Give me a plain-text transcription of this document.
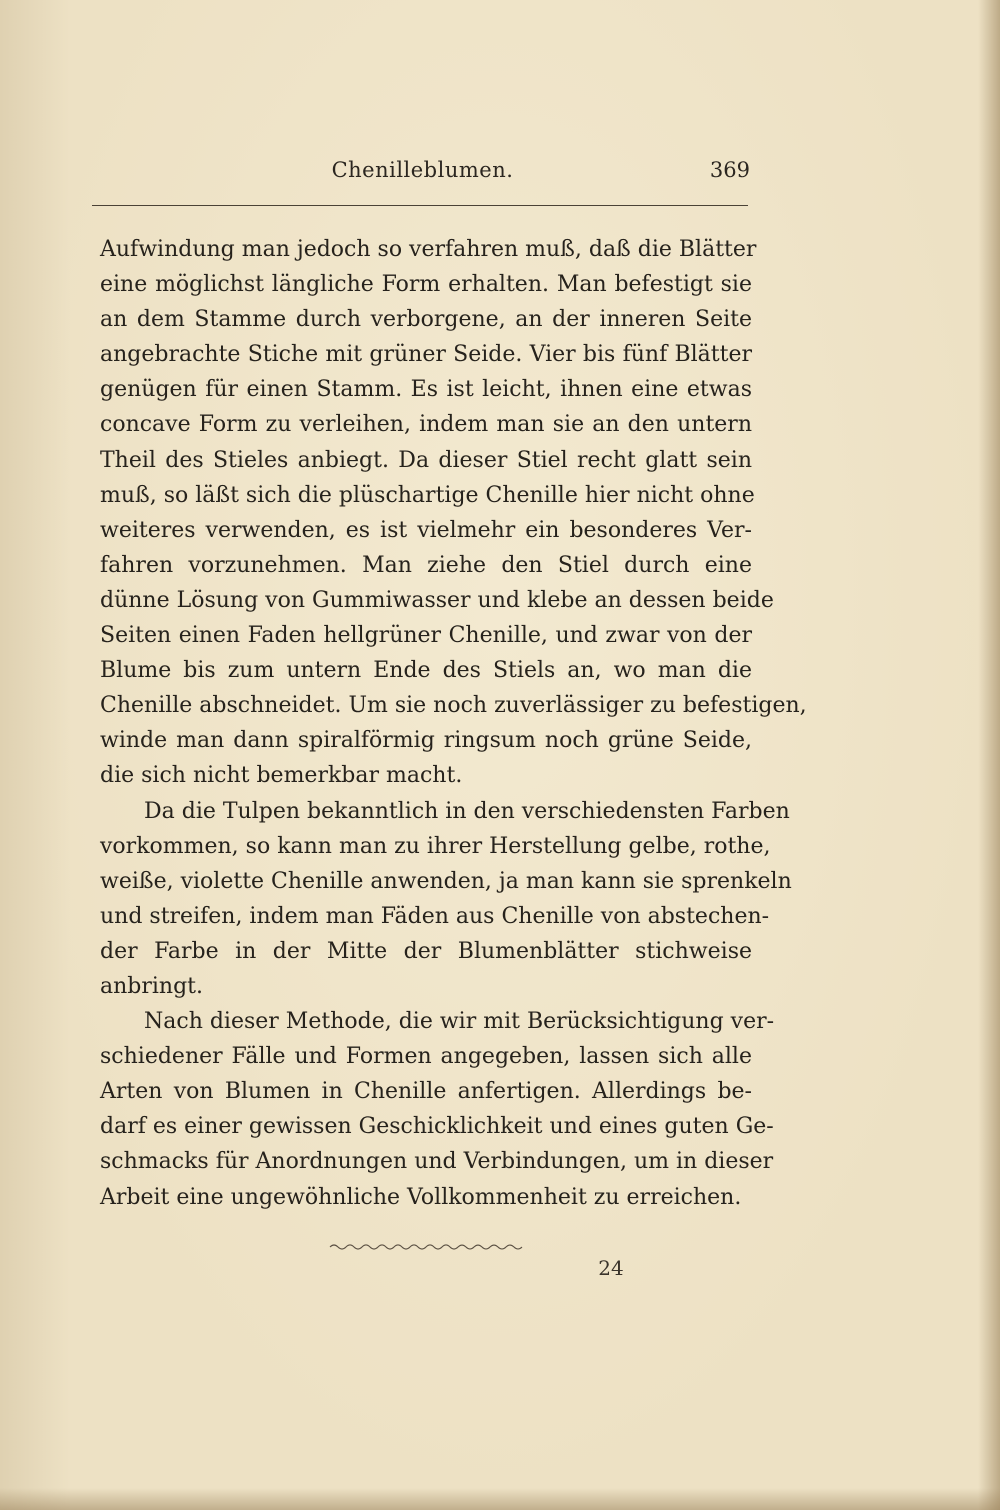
Chenilleblumen.	369
Aufwindung man jedoch so verfahren muß, daß die Blätter
eine möglichst längliche Form erhalten. Man befestigt sie
an dem Stamme durch verborgene, an der inneren Seite
angebrachte Stiche mit grüner Seide. Vier bis fünf Blätter
genügen für einen Stamm. Es ist leicht, ihnen eine etwas
concave Form zu verleihen, indem man sie an den untern
Theil des Stieles anbiegt. Da dieser Stiel recht glatt sein
muß, so läßt sich die plüschartige Chenille hier nicht ohne
weiteres verwenden, es ist vielmehr ein besonderes Ver-
fahren vorzunehmen. Man ziehe den Stiel durch eine
dünne Lösung von Gummiwasser und klebe an dessen beide
Seiten einen Faden hellgrüner Chenille, und zwar von der
Blume bis zum untern Ende des Stiels an, wo man die
Chenille abschneidet. Um sie noch zuverlässiger zu befestigen,
winde man dann spiralförmig ringsum noch grüne Seide,
die sich nicht bemerkbar macht.
Da die Tulpen bekanntlich in den verschiedensten Farben
vorkommen, so kann man zu ihrer Herstellung gelbe, rothe,
weiße, violette Chenille anwenden, ja man kann sie sprenkeln
und streifen, indem man Fäden aus Chenille von abstechen-
der Farbe in der Mitte der Blumenblätter stichweise
anbringt.
Nach dieser Methode, die wir mit Berücksichtigung ver-
schiedener Fälle und Formen angegeben, lassen sich alle
Arten von Blumen in Chenille anfertigen. Allerdings be-
darf es einer gewissen Geschicklichkeit und eines guten Ge-
schmacks für Anordnungen und Verbindungen, um in dieser
Arbeit eine ungewöhnliche Vollkommenheit zu erreichen.
24
